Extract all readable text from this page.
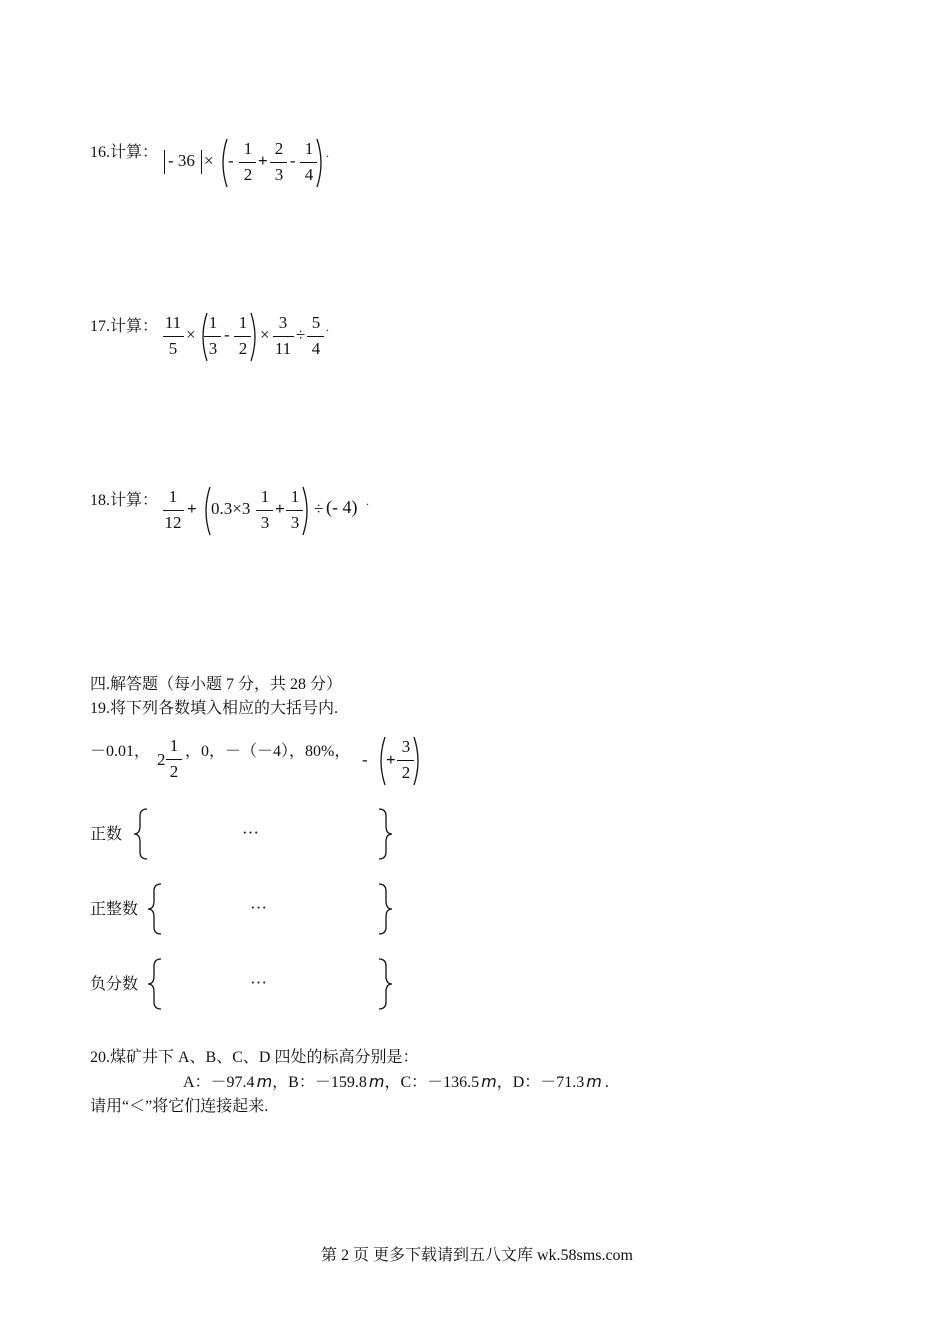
16.计算： - 36 × -
1
2
+
2
3
-
1
4
.
17.计算： 11
5
×
1
3
-
1
2
×
3
11
÷
5
4
.
18.计算： 1
12
+ 0.3×3
1
3
+
1
3
÷ (- 4) .
四.解答题（每小题 7 分，共 28 分）
19.将下列各数填入相应的大括号内.
－0.01， 2
1
2
，0，－（－4），80%， - +
3
2
正数	···
正整数	···
负分数	···
20.煤矿井下 A、B、C、D 四处的标高分别是：
A：－97.4 m，B：－159.8 m，C：－136.5 m，D：－71.3 m .
请用“＜”将它们连接起来.
第 2 页 更多下载请到五八文库 wk.58sms.com
